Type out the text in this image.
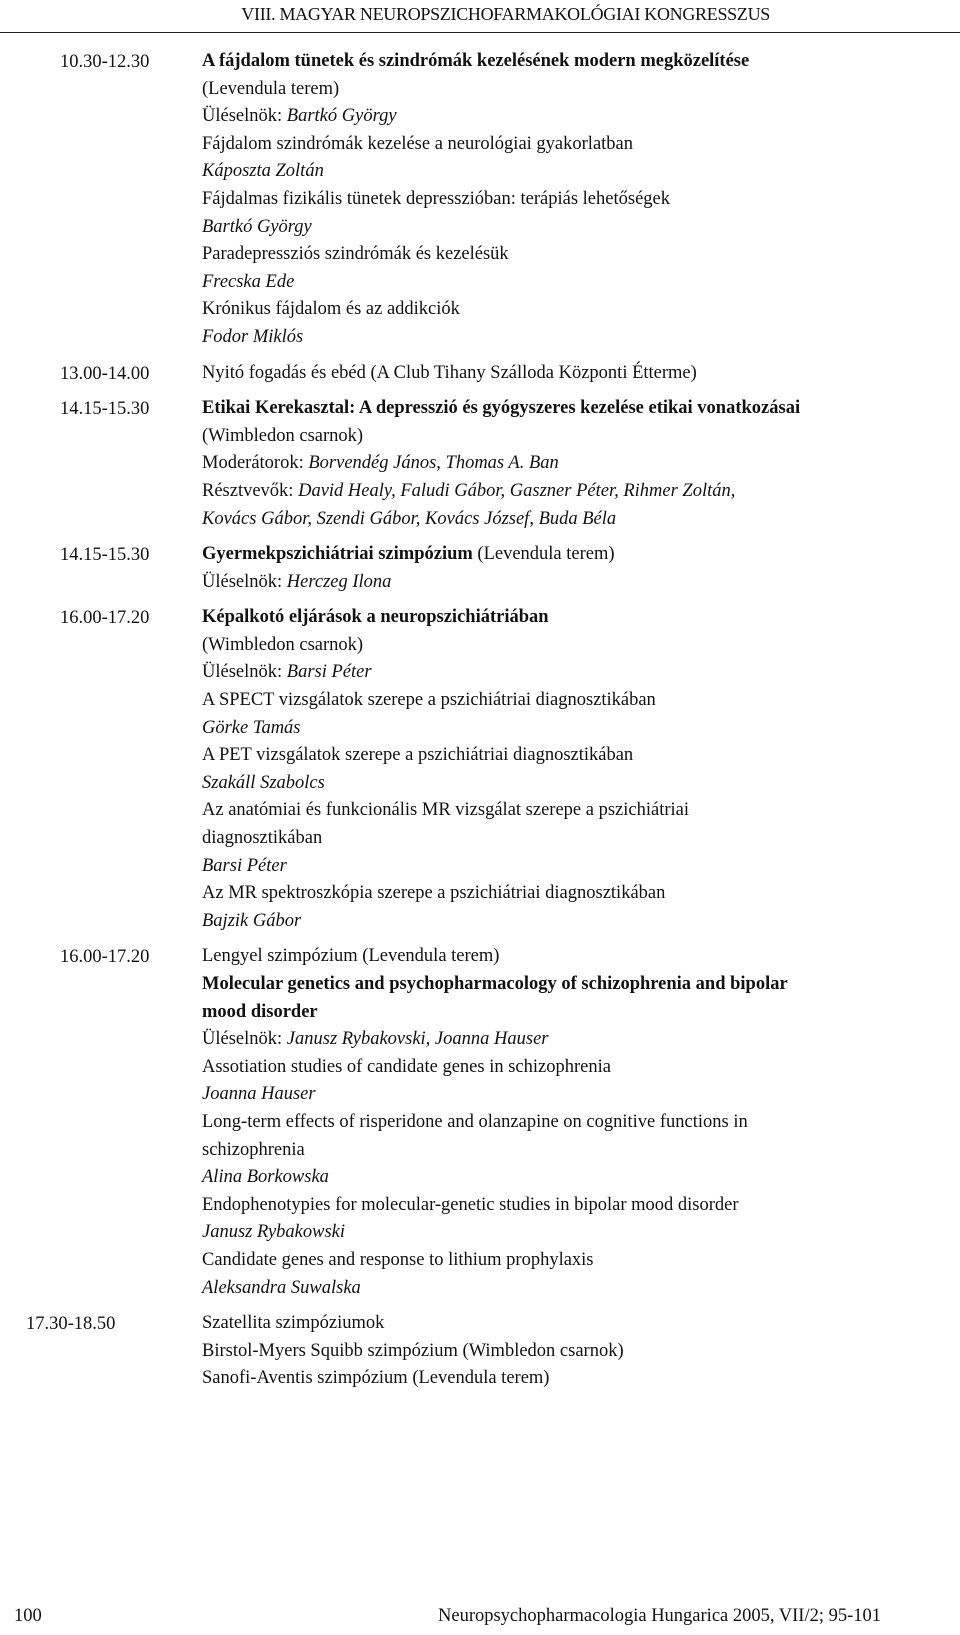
VIII. MAGYAR NEUROPSZICHOFARMAKOLÓGIAI KONGRESSZUS
10.30-12.30	A fájdalom tünetek és szindrómák kezelésének modern megközelítése
(Levendula terem)
Üléselnök: Bartkó György
Fájdalom szindrómák kezelése a neurológiai gyakorlatban
Káposzta Zoltán
Fájdalmas fizikális tünetek depresszióban: terápiás lehetőségek
Bartkó György
Paradepressziós szindrómák és kezelésük
Frecska Ede
Krónikus fájdalom és az addikciók
Fodor Miklós
13.00-14.00	Nyitó fogadás és ebéd (A Club Tihany Szálloda Központi Étterme)
14.15-15.30	Etikai Kerekasztal: A depresszió és gyógyszeres kezelése etikai vonatkozásai
(Wimbledon csarnok)
Moderátorok: Borvendég János, Thomas A. Ban
Résztvevők: David Healy, Faludi Gábor, Gaszner Péter, Rihmer Zoltán,
Kovács Gábor, Szendi Gábor, Kovács József, Buda Béla
14.15-15.30	Gyermekpszichiátriai szimpózium (Levendula terem)
Üléselnök: Herczeg Ilona
16.00-17.20	Képalkotó eljárások a neuropszichiátriában
(Wimbledon csarnok)
Üléselnök: Barsi Péter
A SPECT vizsgálatok szerepe a pszichiátriai diagnosztikában
Görke Tamás
A PET vizsgálatok szerepe a pszichiátriai diagnosztikában
Szakáll Szabolcs
Az anatómiai és funkcionális MR vizsgálat szerepe a pszichiátriai
diagnosztikában
Barsi Péter
Az MR spektroszkópia szerepe a pszichiátriai diagnosztikában
Bajzik Gábor
16.00-17.20	Lengyel szimpózium (Levendula terem)
Molecular genetics and psychopharmacology of schizophrenia and bipolar
mood disorder
Üléselnök: Janusz Rybakovski, Joanna Hauser
Assotiation studies of candidate genes in schizophrenia
Joanna Hauser
Long-term effects of risperidone and olanzapine on cognitive functions in
schizophrenia
Alina Borkowska
Endophenotypies for molecular-genetic studies in bipolar mood disorder
Janusz Rybakowski
Candidate genes and response to lithium prophylaxis
Aleksandra Suwalska
17.30-18.50	Szatellita szimpóziumok
Birstol-Myers Squibb szimpózium (Wimbledon csarnok)
Sanofi-Aventis szimpózium (Levendula terem)
100	Neuropsychopharmacologia Hungarica 2005, VII/2; 95-101
